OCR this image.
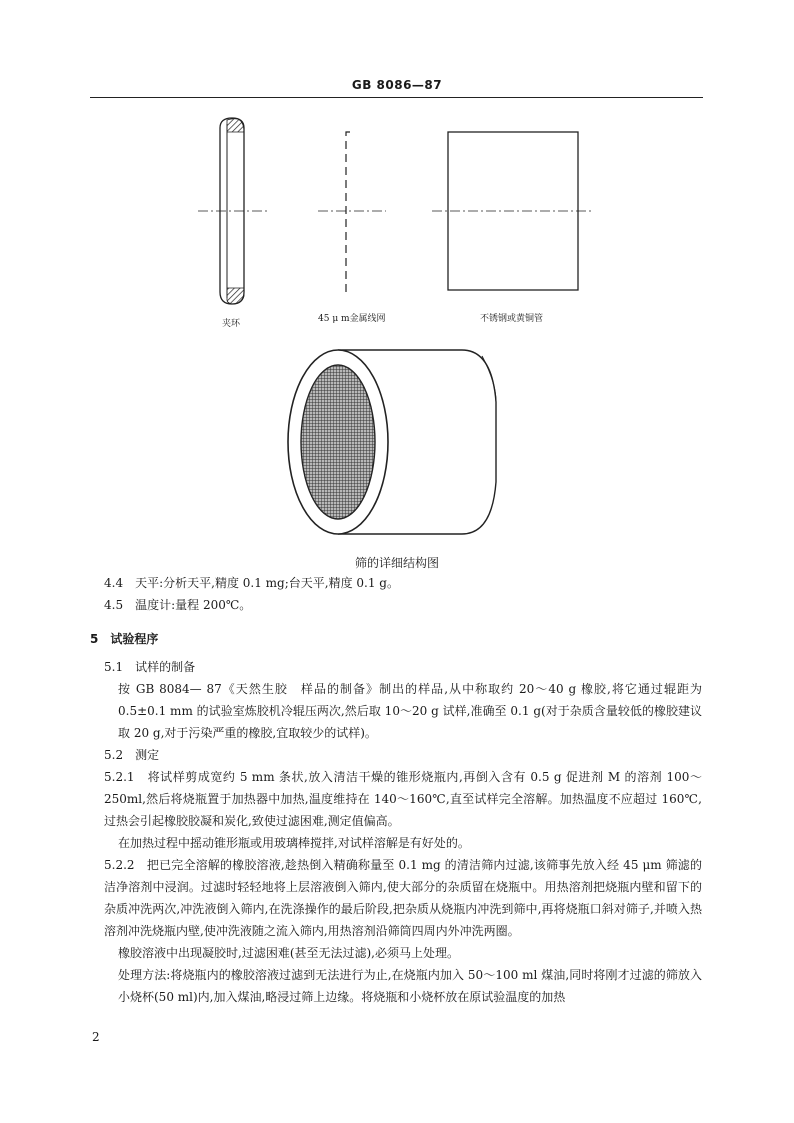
GB 8086—87
夹环	45 μ m金属线网	不锈钢或黄铜管
筛的详细结构图

4.4　天平:分析天平,精度 0.1 mg;台天平,精度 0.1 g。

4.5　温度计:量程 200℃。

5　试验程序

5.1　试样的制备

按 GB 8084— 87《天然生胶　样品的制备》制出的样品,从中称取约 20～40 g 橡胶,将它通过辊距为 0.5±0.1 mm 的试验室炼胶机冷辊压两次,然后取 10～20 g 试样,准确至 0.1 g(对于杂质含量较低的橡胶建议取 20 g,对于污染严重的橡胶,宜取较少的试样)。

5.2　测定

5.2.1　将试样剪成宽约 5 mm 条状,放入清洁干燥的锥形烧瓶内,再倒入含有 0.5 g 促进剂 M 的溶剂 100～250ml,然后将烧瓶置于加热器中加热,温度维持在 140～160℃,直至试样完全溶解。加热温度不应超过 160℃,过热会引起橡胶胶凝和炭化,致使过滤困难,测定值偏高。

在加热过程中摇动锥形瓶或用玻璃棒搅拌,对试样溶解是有好处的。

5.2.2　把已完全溶解的橡胶溶液,趁热倒入精确称量至 0.1 mg 的清洁筛内过滤,该筛事先放入经 45 μm 筛滤的洁净溶剂中浸润。过滤时轻轻地将上层溶液倒入筛内,使大部分的杂质留在烧瓶中。用热溶剂把烧瓶内壁和留下的杂质冲洗两次,冲洗液倒入筛内,在洗涤操作的最后阶段,把杂质从烧瓶内冲洗到筛中,再将烧瓶口斜对筛子,并喷入热溶剂冲洗烧瓶内壁,使冲洗液随之流入筛内,用热溶剂沿筛筒四周内外冲洗两圈。

橡胶溶液中出现凝胶时,过滤困难(甚至无法过滤),必须马上处理。

处理方法:将烧瓶内的橡胶溶液过滤到无法进行为止,在烧瓶内加入 50～100 ml 煤油,同时将刚才过滤的筛放入小烧杯(50 ml)内,加入煤油,略浸过筛上边缘。将烧瓶和小烧杯放在原试验温度的加热

2
